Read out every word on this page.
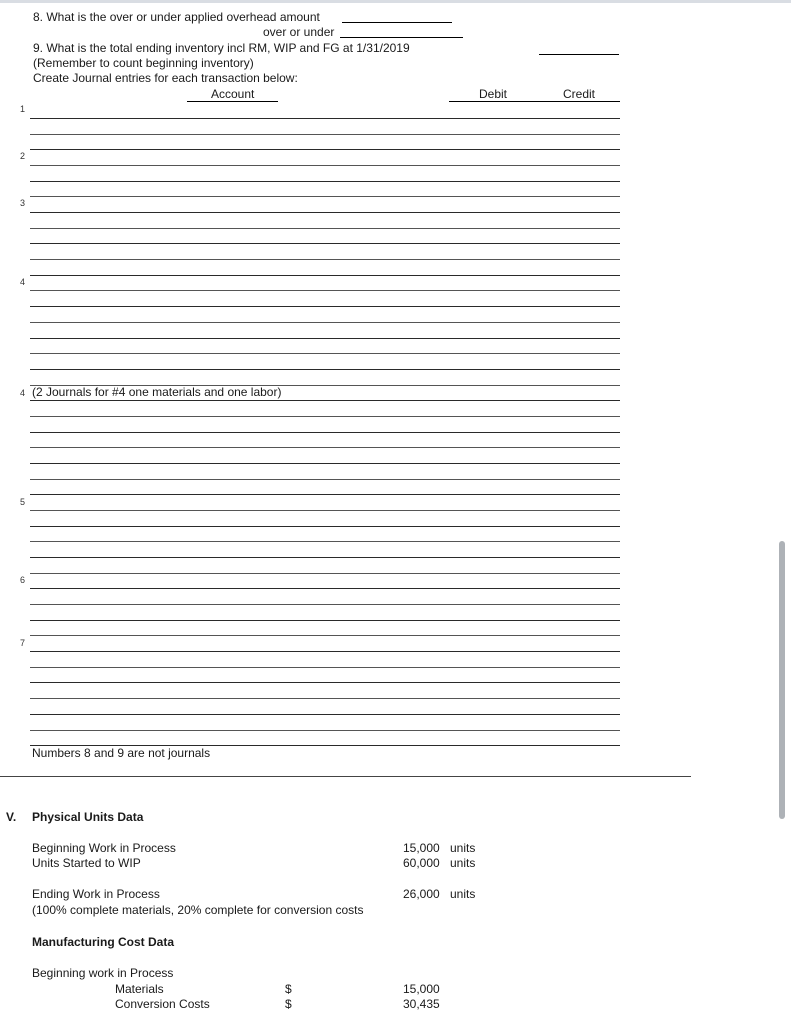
8. What is the over or under applied overhead amount
over or under
9. What is the total ending inventory incl RM, WIP and FG at 1/31/2019
(Remember to count beginning inventory)
Create Journal entries for each transaction below:
Account	Debit	Credit
1
2
3
4
4
5
6
7
(2 Journals for #4 one materials and one labor)
Numbers 8 and 9 are not journals
V. Physical Units Data
Beginning Work in Process	15,000 units
Units Started to WIP	60,000 units
Ending Work in Process	26,000 units
(100% complete materials, 20% complete for conversion costs
Manufacturing Cost Data
Beginning work in Process
Materials	$	15,000
Conversion Costs	$	30,435
